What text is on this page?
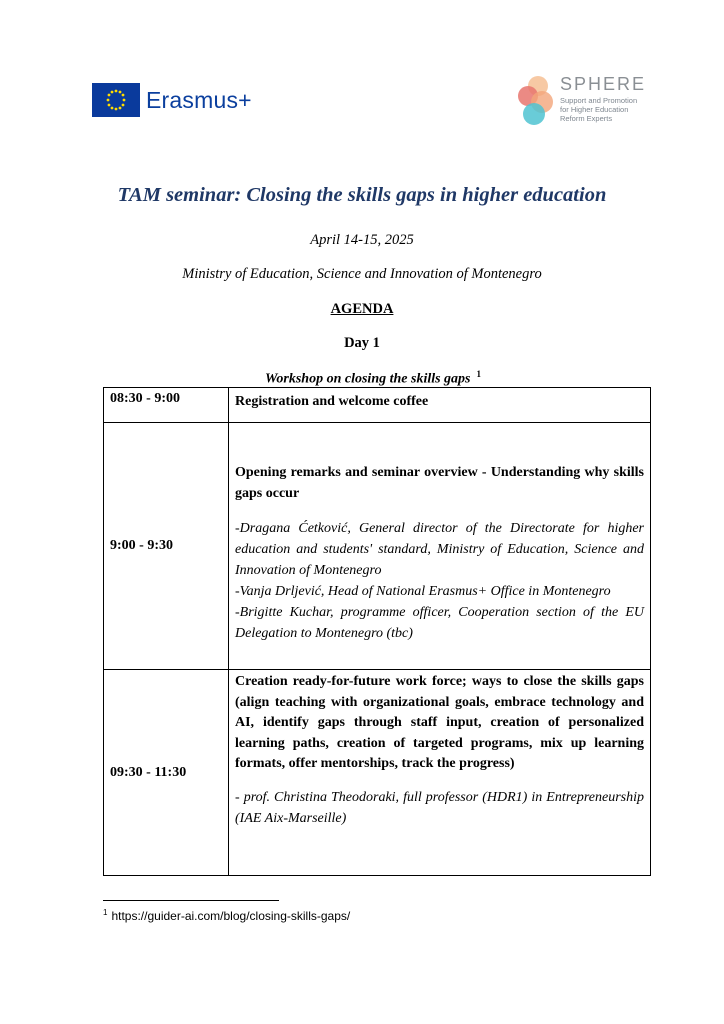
Erasmus+
SPHERE
Support and Promotion
for Higher Education
Reform Experts
TAM seminar: Closing the skills gaps in higher education
April 14-15, 2025
Ministry of Education, Science and Innovation of Montenegro
AGENDA
Day 1
Workshop on closing the skills gaps $^1$
08:30 - 9:00	Registration and welcome coffee

9:00 - 9:30	Opening remarks and seminar overview - Understanding why skills gaps occur
-Dragana Ćetković, General director of the Directorate for higher education and students' standard, Ministry of Education, Science and Innovation of Montenegro
-Vanja Drljević, Head of National Erasmus+ Office in Montenegro
-Brigitte Kuchar, programme officer, Cooperation section of the EU Delegation to Montenegro (tbc)

09:30 - 11:30	Creation ready-for-future work force; ways to close the skills gaps (align teaching with organizational goals, embrace technology and AI, identify gaps through staff input, creation of personalized learning paths, creation of targeted programs, mix up learning formats, offer mentorships, track the progress)
- prof. Christina Theodoraki, full professor (HDR1) in Entrepreneurship (IAE Aix-Marseille)
$^1$ https://guider-ai.com/blog/closing-skills-gaps/
